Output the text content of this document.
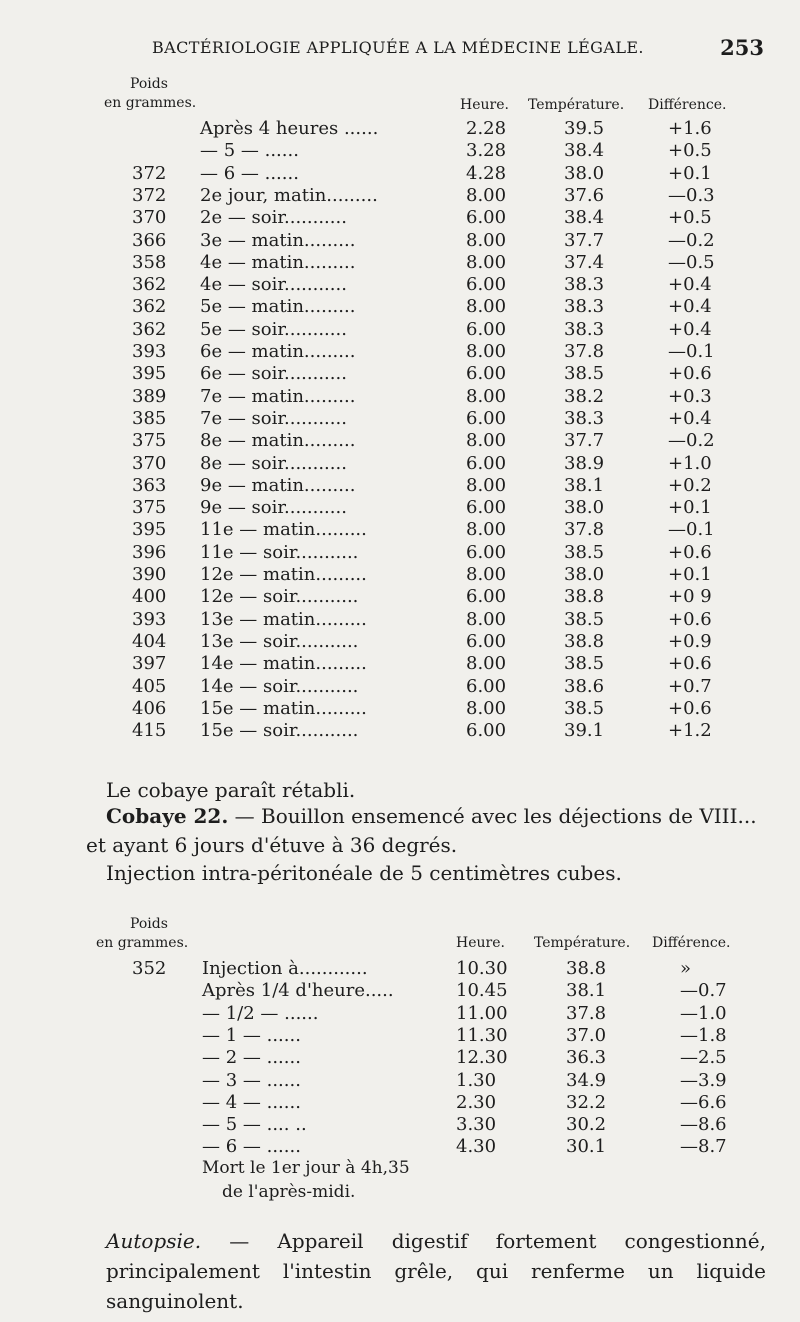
BACTÉRIOLOGIE APPLIQUÉE A LA MÉDECINE LÉGALE.	253
Poids
en grammes.	Heure. Température. Différence.
Après 4 heures ......	2.28	39.5	+1.6
— 5 — ......	3.28	38.4	+0.5
372 — 6 — ......	4.28	38.0	+0.1
372 2e jour, matin.........	8.00	37.6	—0.3
370 2e — soir...........	6.00	38.4	+0.5
366 3e — matin.........	8.00	37.7	—0.2
358 4e — matin.........	8.00	37.4	—0.5
362 4e — soir...........	6.00	38.3	+0.4
362 5e — matin.........	8.00	38.3	+0.4
362 5e — soir...........	6.00	38.3	+0.4
393 6e — matin.........	8.00	37.8	—0.1
395 6e — soir...........	6.00	38.5	+0.6
389 7e — matin.........	8.00	38.2	+0.3
385 7e — soir...........	6.00	38.3	+0.4
375 8e — matin.........	8.00	37.7	—0.2
370 8e — soir...........	6.00	38.9	+1.0
363 9e — matin.........	8.00	38.1	+0.2
375 9e — soir...........	6.00	38.0	+0.1
395 11e — matin.........	8.00	37.8	—0.1
396 11e — soir...........	6.00	38.5	+0.6
390 12e — matin.........	8.00	38.0	+0.1
400 12e — soir...........	6.00	38.8	+0 9
393 13e — matin.........	8.00	38.5	+0.6
404 13e — soir...........	6.00	38.8	+0.9
397 14e — matin.........	8.00	38.5	+0.6
405 14e — soir...........	6.00	38.6	+0.7
406 15e — matin.........	8.00	38.5	+0.6
415 15e — soir...........	6.00	39.1	+1.2
Le cobaye paraît rétabli.
Cobaye 22. — Bouillon ensemencé avec les déjections de VIII...
et ayant 6 jours d'étuve à 36 degrés.
Injection intra-péritonéale de 5 centimètres cubes.
Poids
en grammes.	Heure. Température. Différence.
352 Injection à............	10.30	38.8	»
Après 1/4 d'heure.....	10.45	38.1	—0.7
— 1/2 — ......	11.00	37.8	—1.0
— 1 — ......	11.30	37.0	—1.8
— 2 — ......	12.30	36.3	—2.5
— 3 — ......	1.30	34.9	—3.9
— 4 — ......	2.30	32.2	—6.6
— 5 — .... ..	3.30	30.2	—8.6
— 6 — ......	4.30	30.1	—8.7
Mort le 1er jour à 4h,35
de l'après-midi.
Autopsie. — Appareil digestif fortement congestionné, principalement l'intestin grêle, qui renferme un liquide sanguinolent.
